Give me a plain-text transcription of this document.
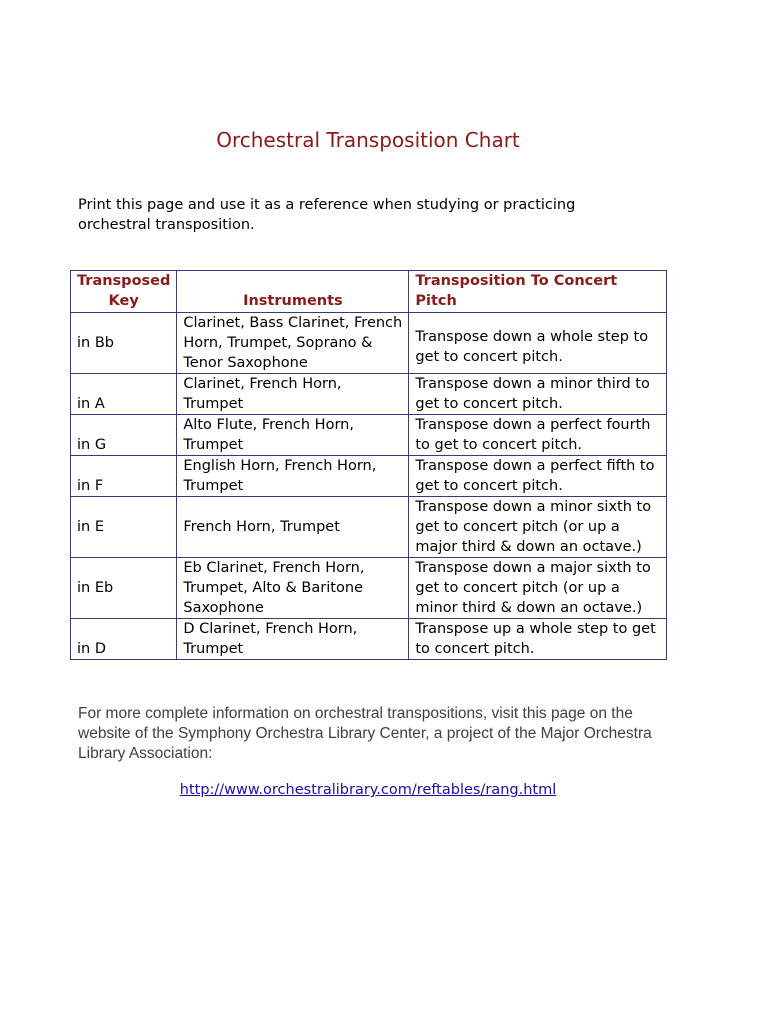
Orchestral Transposition Chart
Print this page and use it as a reference when studying or practicing orchestral transposition.
Transposed Key	Instruments	Transposition To Concert Pitch
in Bb	Clarinet, Bass Clarinet, French Horn, Trumpet, Soprano & Tenor Saxophone	Transpose down a whole step to get to concert pitch.
in A	Clarinet, French Horn, Trumpet	Transpose down a minor third to get to concert pitch.
in G	Alto Flute, French Horn, Trumpet	Transpose down a perfect fourth to get to concert pitch.
in F	English Horn, French Horn, Trumpet	Transpose down a perfect fifth to get to concert pitch.
in E	French Horn, Trumpet	Transpose down a minor sixth to get to concert pitch (or up a major third & down an octave.)
in Eb	Eb Clarinet, French Horn, Trumpet, Alto & Baritone Saxophone	Transpose down a major sixth to get to concert pitch (or up a minor third & down an octave.)
in D	D Clarinet, French Horn, Trumpet	Transpose up a whole step to get to concert pitch.
For more complete information on orchestral transpositions, visit this page on the website of the Symphony Orchestra Library Center, a project of the Major Orchestra Library Association:
http://www.orchestralibrary.com/reftables/rang.html
